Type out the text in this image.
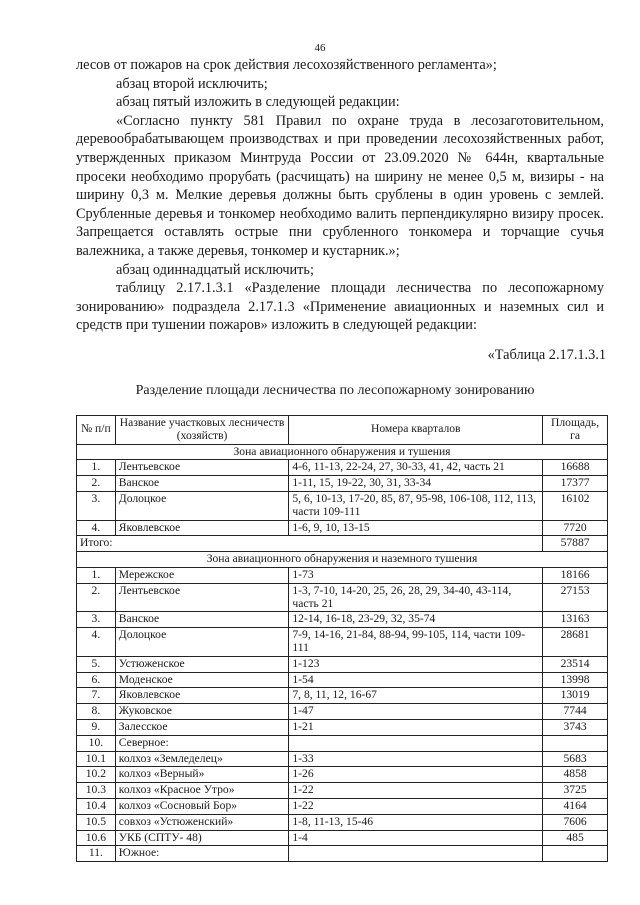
46

лесов от пожаров на срок действия лесохозяйственного регламента»;

абзац второй исключить;

абзац пятый изложить в следующей редакции:

«Согласно пункту 581 Правил по охране труда в лесозаготовительном, деревообрабатывающем производствах и при проведении лесохозяйственных работ, утвержденных приказом Минтруда России от 23.09.2020 № 644н, квартальные просеки необходимо прорубать (расчищать) на ширину не менее 0,5 м, визиры - на ширину 0,3 м. Мелкие деревья должны быть срублены в один уровень с землей. Срубленные деревья и тонкомер необходимо валить перпендикулярно визиру просек. Запрещается оставлять острые пни срубленного тонкомера и торчащие сучья валежника, а также деревья, тонкомер и кустарник.»;

абзац одиннадцатый исключить;

таблицу 2.17.1.3.1 «Разделение площади лесничества по лесопожарному зонированию» подраздела 2.17.1.3 «Применение авиационных и наземных сил и средств при тушении пожаров» изложить в следующей редакции:

«Таблица 2.17.1.3.1
Разделение площади лесничества по лесопожарному зонированию
№ п/п	Название участковых лесничеств (хозяйств)	Номера кварталов	Площадь, га
Зона авиационного обнаружения и тушения			
1.	Лентьевское	4-6, 11-13, 22-24, 27, 30-33, 41, 42, часть 21	16688
2.	Ванское	1-11, 15, 19-22, 30, 31, 33-34	17377
3.	Долоцкое	5, 6, 10-13, 17-20, 85, 87, 95-98, 106-108, 112, 113, части 109-111	16102
4.	Яковлевское	1-6, 9, 10, 13-15	7720
Итого:			57887
Зона авиационного обнаружения и наземного тушения			
1.	Мережское	1-73	18166
2.	Лентьевское	1-3, 7-10, 14-20, 25, 26, 28, 29, 34-40, 43-114, часть 21	27153
3.	Ванское	12-14, 16-18, 23-29, 32, 35-74	13163
4.	Долоцкое	7-9, 14-16, 21-84, 88-94, 99-105, 114, части 109-111	28681
5.	Устюженское	1-123	23514
6.	Моденское	1-54	13998
7.	Яковлевское	7, 8, 11, 12, 16-67	13019
8.	Жуковское	1-47	7744
9.	Залесское	1-21	3743
10.	Северное:		
10.1	колхоз «Земледелец»	1-33	5683
10.2	колхоз «Верный»	1-26	4858
10.3	колхоз «Красное Утро»	1-22	3725
10.4	колхоз «Сосновый Бор»	1-22	4164
10.5	совхоз «Устюженский»	1-8, 11-13, 15-46	7606
10.6	УКБ (СПТУ- 48)	1-4	485
11.	Южное:		
